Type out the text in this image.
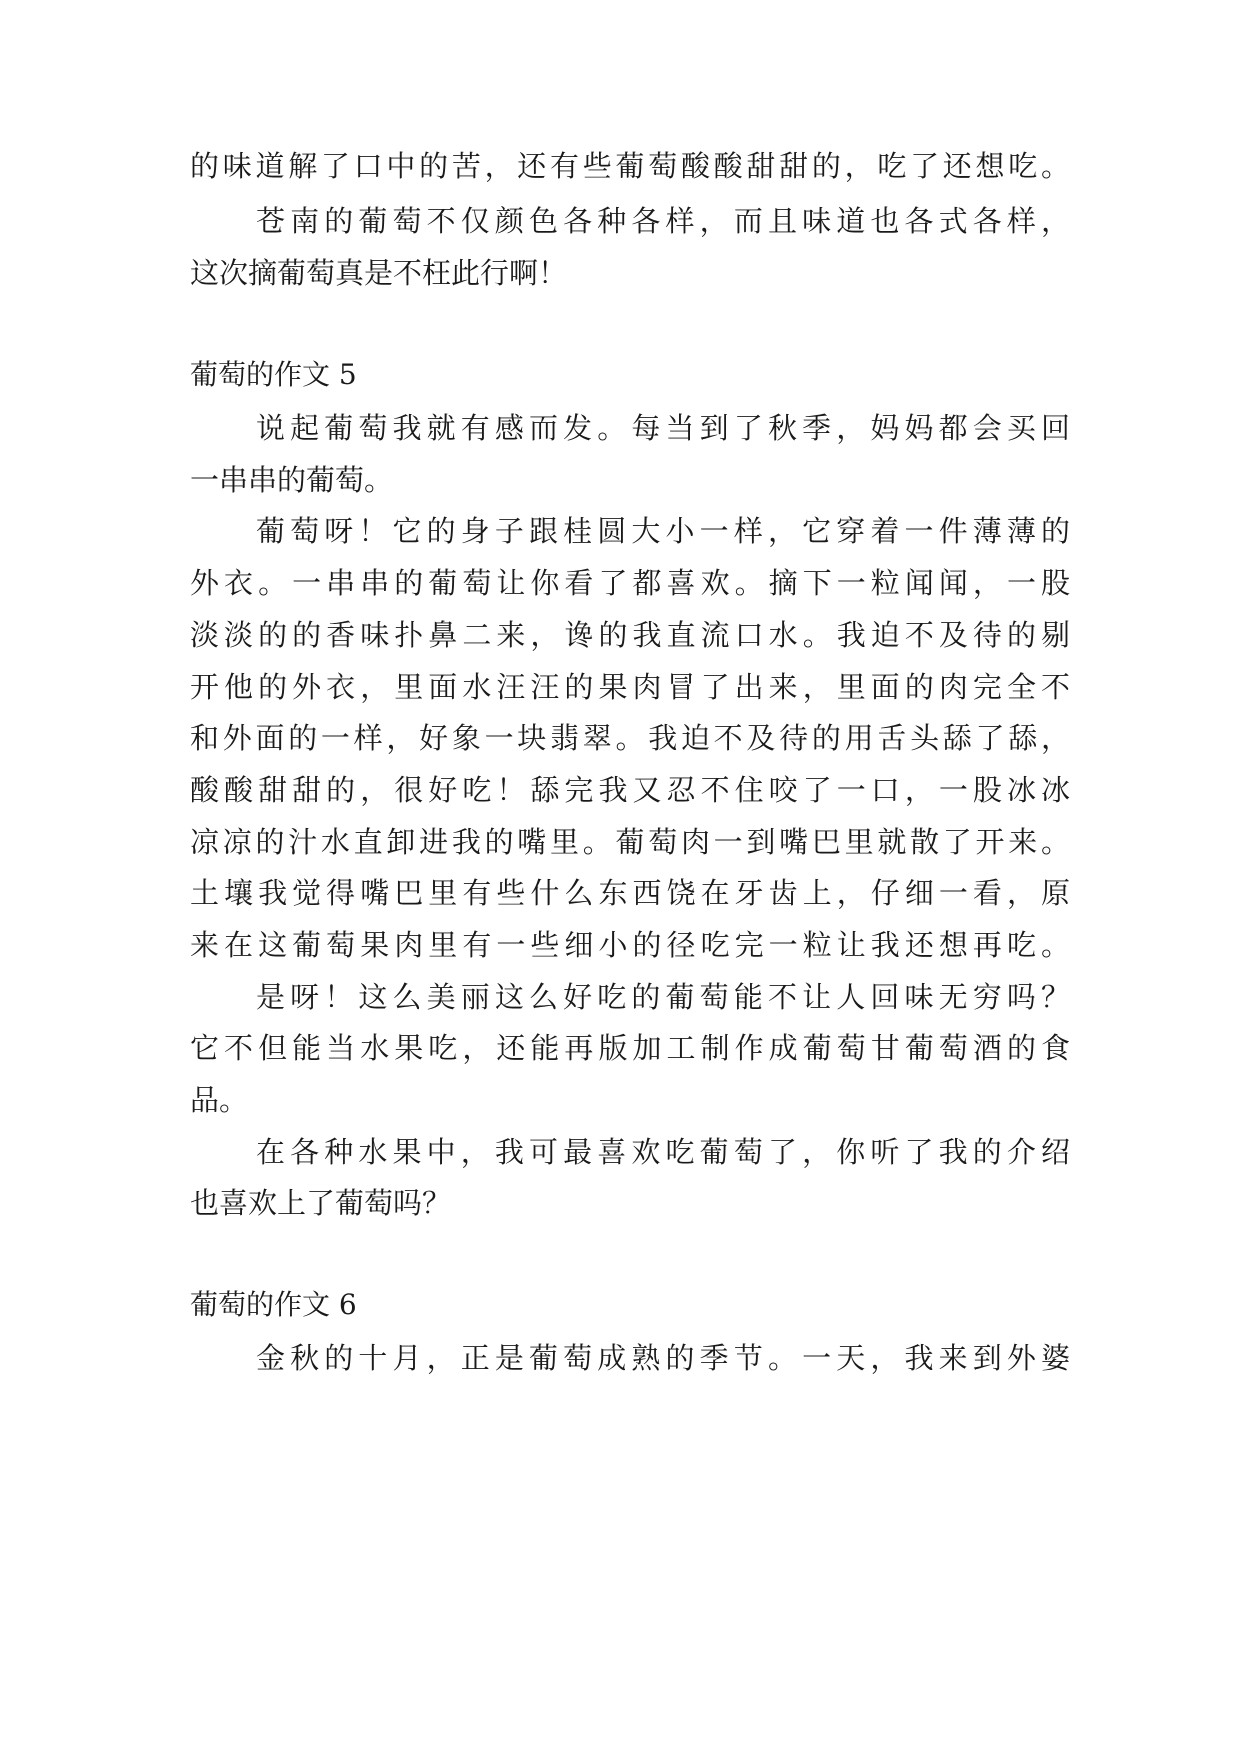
的味道解了口中的苦，还有些葡萄酸酸甜甜的，吃了还想吃。
苍南的葡萄不仅颜色各种各样，而且味道也各式各样，
这次摘葡萄真是不枉此行啊！
葡萄的作文 5
说起葡萄我就有感而发。每当到了秋季，妈妈都会买回
一串串的葡萄。
葡萄呀！它的身子跟桂圆大小一样，它穿着一件薄薄的
外衣。一串串的葡萄让你看了都喜欢。摘下一粒闻闻，一股
淡淡的的香味扑鼻二来，谗的我直流口水。我迫不及待的剔
开他的外衣，里面水汪汪的果肉冒了出来，里面的肉完全不
和外面的一样，好象一块翡翠。我迫不及待的用舌头舔了舔，
酸酸甜甜的，很好吃！舔完我又忍不住咬了一口，一股冰冰
凉凉的汁水直卸进我的嘴里。葡萄肉一到嘴巴里就散了开来。
土壤我觉得嘴巴里有些什么东西饶在牙齿上，仔细一看，原
来在这葡萄果肉里有一些细小的径吃完一粒让我还想再吃。
是呀！这么美丽这么好吃的葡萄能不让人回味无穷吗？
它不但能当水果吃，还能再版加工制作成葡萄甘葡萄酒的食
品。
在各种水果中，我可最喜欢吃葡萄了，你听了我的介绍
也喜欢上了葡萄吗？
葡萄的作文 6
金秋的十月，正是葡萄成熟的季节。一天，我来到外婆
